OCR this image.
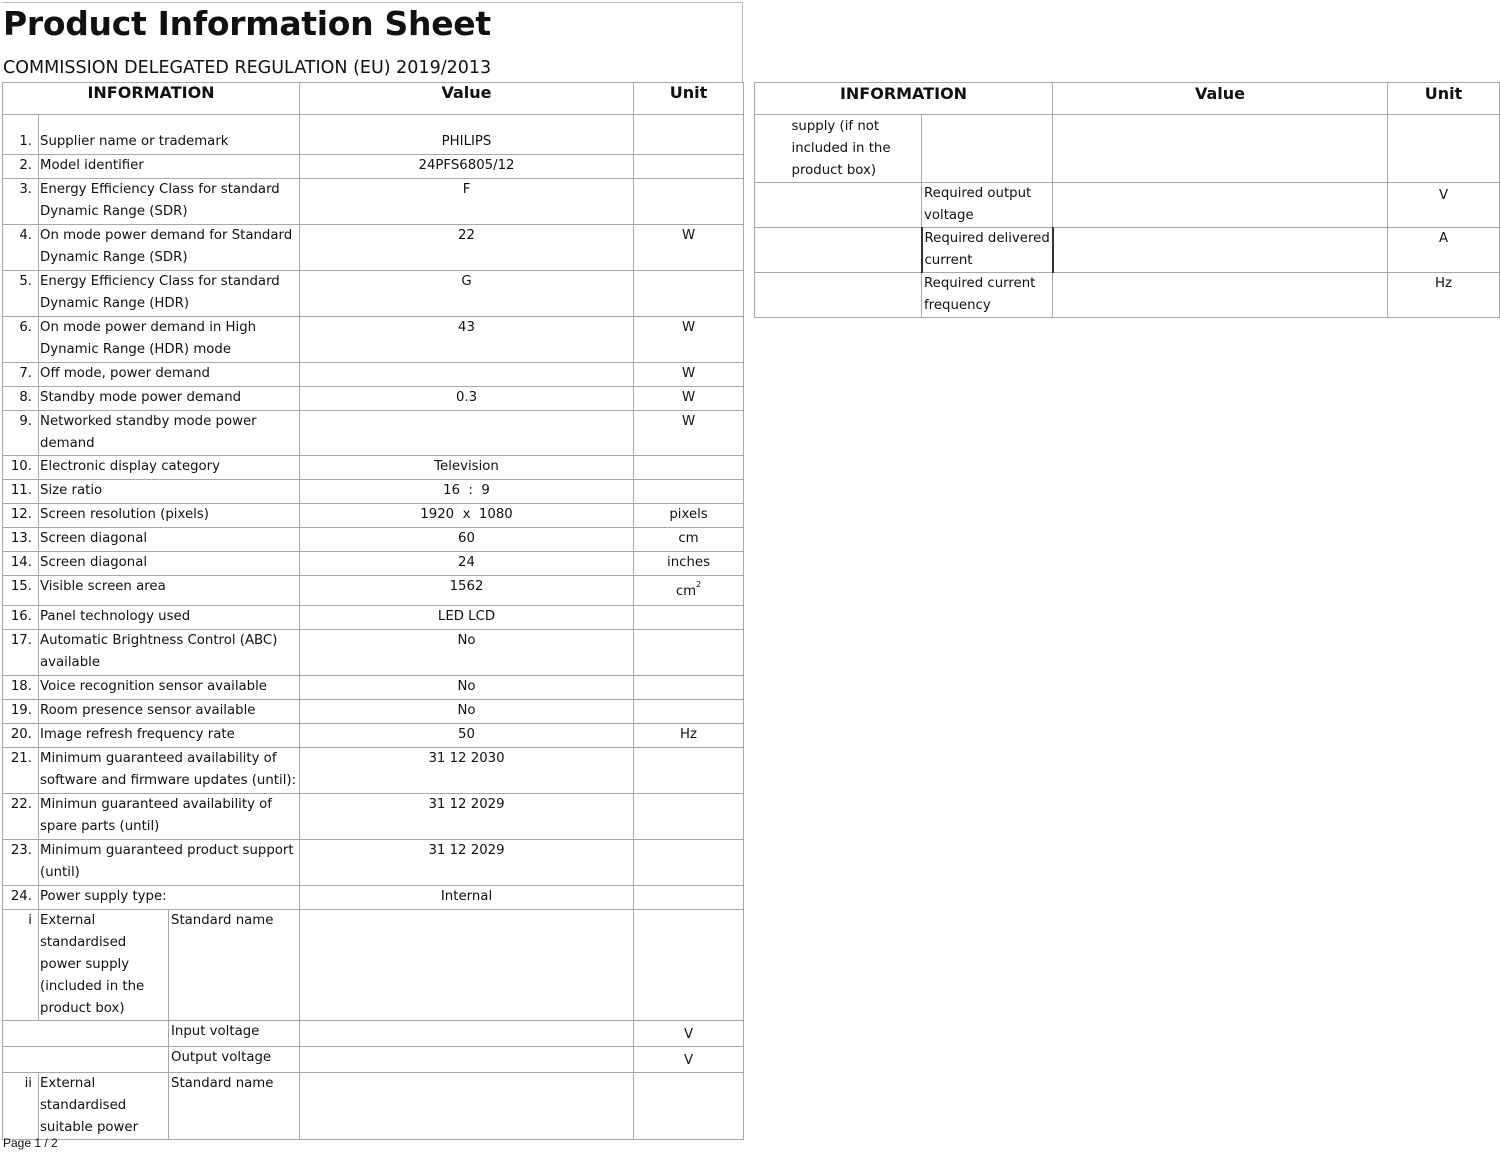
Product Information Sheet
COMMISSION DELEGATED REGULATION (EU) 2019/2013
INFORMATION			Value	Unit
1.	Supplier name or trademark		PHILIPS	
2.	Model identifier		24PFS6805/12	
3.	Energy Efficiency Class for standard Dynamic Range (SDR)		F	
4.	On mode power demand for Standard Dynamic Range (SDR)		22	W
5.	Energy Efficiency Class for standard Dynamic Range (HDR)		G	
6.	On mode power demand in High Dynamic Range (HDR) mode		43	W
7.	Off mode, power demand			W
8.	Standby mode power demand		0.3	W
9.	Networked standby mode power demand			W
10.	Electronic display category		Television	
11.	Size ratio		16  :  9	
12.	Screen resolution (pixels)		1920  x  1080	pixels
13.	Screen diagonal		60	cm
14.	Screen diagonal		24	inches
15.	Visible screen area		1562	$cm^2$
16.	Panel technology used		LED LCD	
17.	Automatic Brightness Control (ABC) available		No	
18.	Voice recognition sensor available		No	
19.	Room presence sensor available		No	
20.	Image refresh frequency rate		50	Hz
21.	Minimum guaranteed availability of software and firmware updates (until):		31 12 2030	
22.	Minimun guaranteed availability of spare parts (until)		31 12 2029	
23.	Minimum guaranteed product support (until)		31 12 2029	
24.	Power supply type:		Internal	
i	External standardised power supply (included in the product box)	Standard name		
		Input voltage		V
		Output voltage		V
ii	External standardised suitable power	Standard name		
INFORMATION			Value	Unit
	supply (if not included in the product box)			
		Required output voltage		V
		Required delivered current		A
		Required current frequency		Hz
Page 1 / 2
